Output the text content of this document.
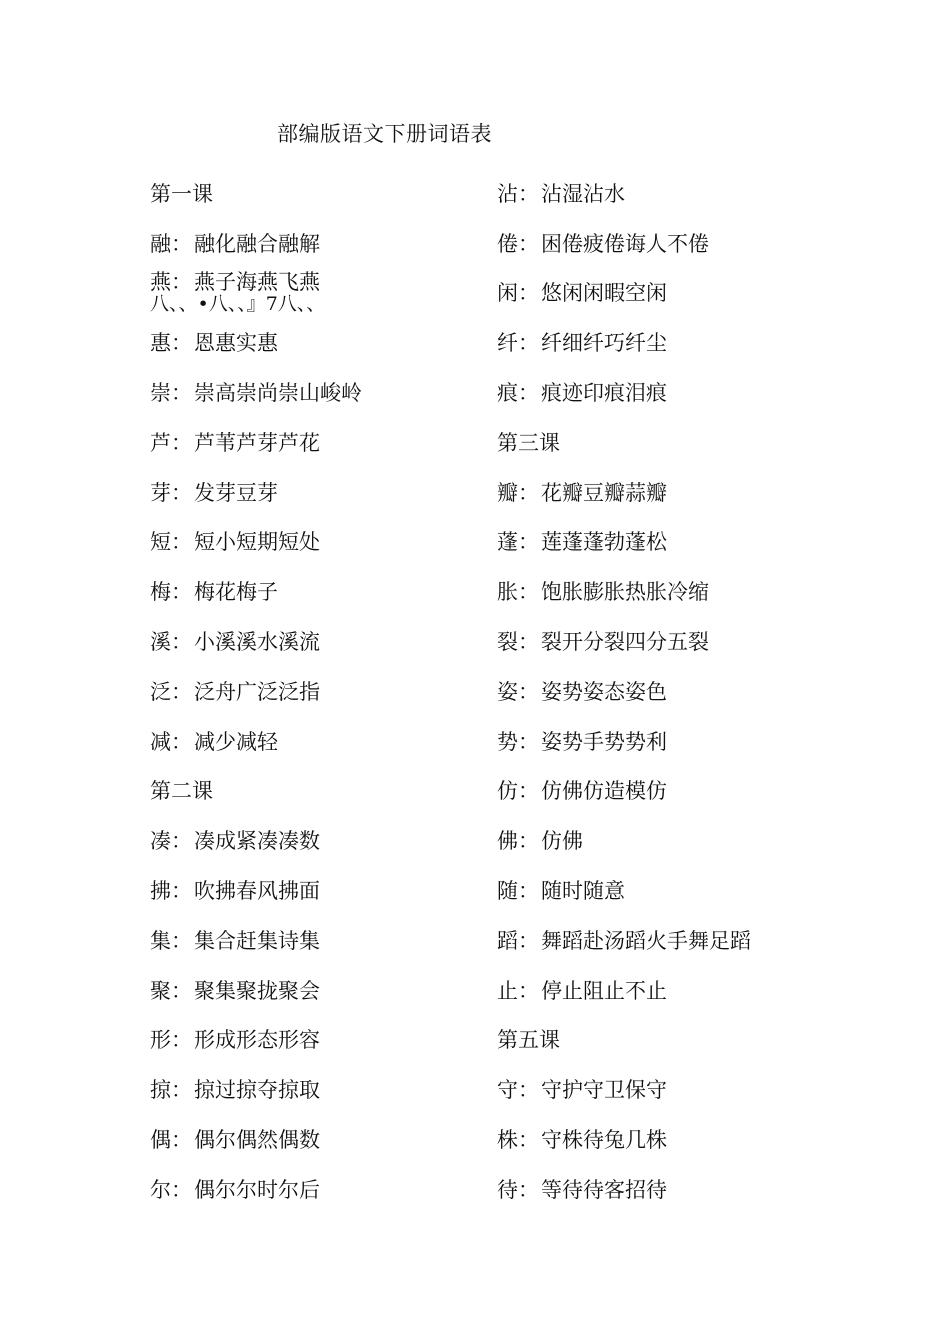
部编版语文下册词语表
第一课
融 ： 融化融合融解
燕：燕子海燕飞燕
八、、•八、、』7八、、
惠 ： 恩惠实惠
崇 ： 崇高崇尚崇山峻岭
芦 ： 芦苇芦芽芦花
芽 ： 发芽豆芽
短 ： 短小短期短处
梅 ： 梅花梅子
溪 ： 小溪溪水溪流
泛 ： 泛舟广泛泛指
减 ： 减少减轻
第二课
凑 ： 凑成紧凑凑数
拂 ： 吹拂春风拂面
集 ： 集合赶集诗集
聚 ： 聚集聚拢聚会
形 ： 形成形态形容
掠 ： 掠过掠夺掠取
偶 ： 偶尔偶然偶数
尔 ： 偶尔尔时尔后
沾 ： 沾湿沾水
倦 ： 困倦疲倦诲人不倦
闲 ： 悠闲闲暇空闲
纤 ： 纤细纤巧纤尘
痕 ： 痕迹印痕泪痕
第三课
瓣 ： 花瓣豆瓣蒜瓣
蓬 ： 莲蓬蓬勃蓬松
胀 ： 饱胀膨胀热胀冷缩
裂 ： 裂开分裂四分五裂
姿 ： 姿势姿态姿色
势 ： 姿势手势势利
仿 ： 仿佛仿造模仿
佛 ： 仿佛
随 ： 随时随意
蹈 ： 舞蹈赴汤蹈火手舞足蹈
止 ： 停止阻止不止
第五课
守 ： 守护守卫保守
株 ： 守株待兔几株
待 ： 等待待客招待
